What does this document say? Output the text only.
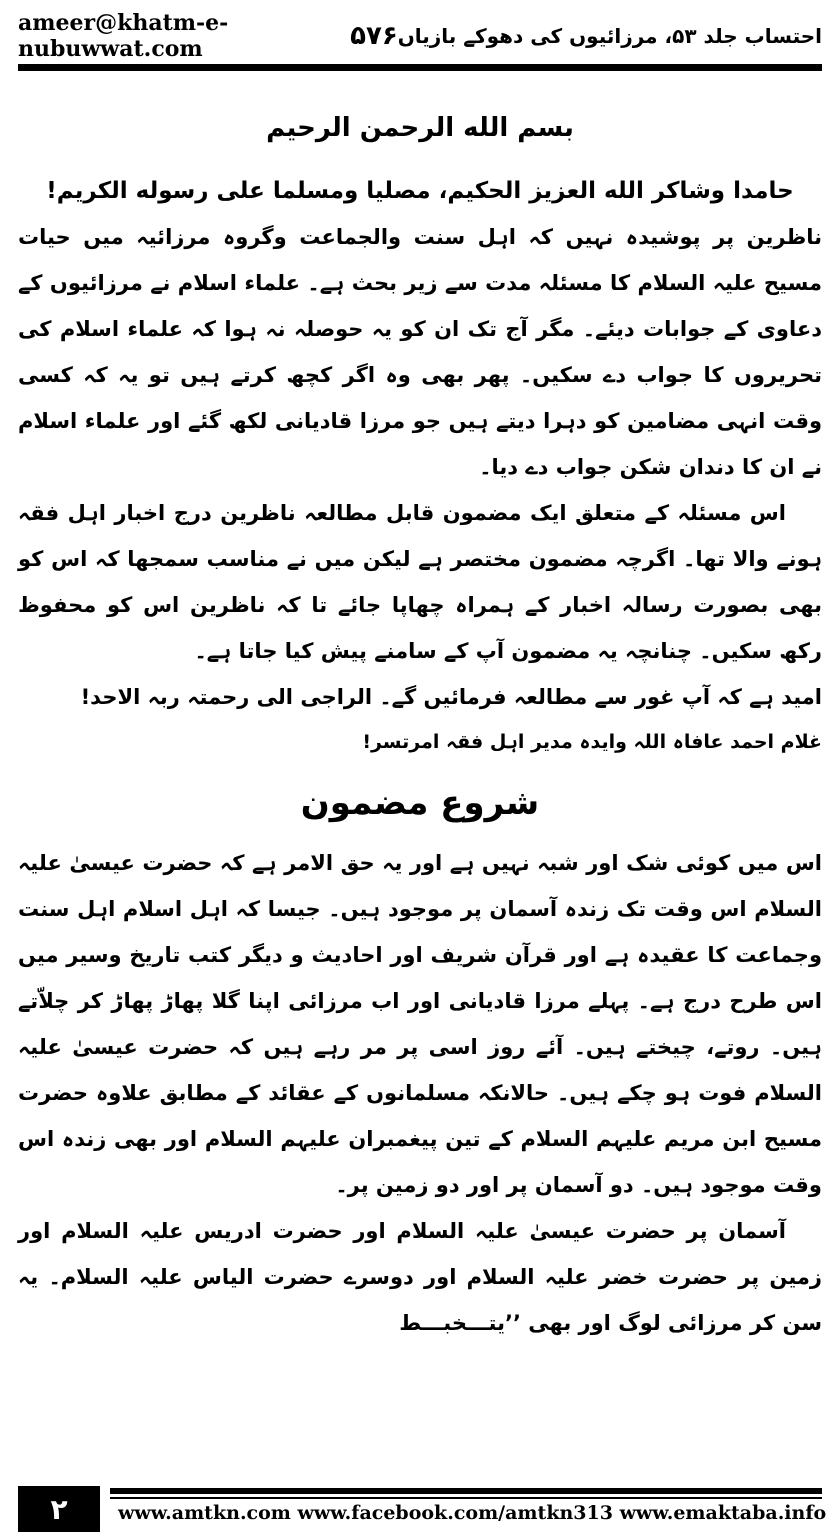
ameer@khatm-e-nubuwwat.com	۵۷۶ احتساب جلد ۵۳، مرزائیوں کی دھوکے بازیاں

بسم الله الرحمن الرحيم

حامدا وشاكر الله العزيز الحكيم، مصليا ومسلما على رسوله الكريم!

ناظرین پر پوشیدہ نہیں کہ اہل سنت والجماعت وگروہ مرزائیہ میں حیات مسیح علیہ السلام کا مسئلہ مدت سے زیر بحث ہے۔ علماء اسلام نے مرزائیوں کے دعاوی کے جوابات دیئے۔ مگر آج تک ان کو یہ حوصلہ نہ ہوا کہ علماء اسلام کی تحریروں کا جواب دے سکیں۔ پھر بھی وہ اگر کچھ کرتے ہیں تو یہ کہ کسی وقت انہی مضامین کو دہرا دیتے ہیں جو مرزا قادیانی لکھ گئے اور علماء اسلام نے ان کا دندان شکن جواب دے دیا۔

اس مسئلہ کے متعلق ایک مضمون قابل مطالعہ ناظرین درج اخبار اہل فقہ ہونے والا تھا۔ اگرچہ مضمون مختصر ہے لیکن میں نے مناسب سمجھا کہ اس کو بھی بصورت رسالہ اخبار کے ہمراہ چھاپا جائے تا کہ ناظرین اس کو محفوظ رکھ سکیں۔ چنانچہ یہ مضمون آپ کے سامنے پیش کیا جاتا ہے۔

امید ہے کہ آپ غور سے مطالعہ فرمائیں گے۔ الراجی الی رحمتہ ربہ الاحد!

غلام احمد عافاہ اللہ وایدہ مدیر اہل فقہ امرتسر!

شروع مضمون

اس میں کوئی شک اور شبہ نہیں ہے اور یہ حق الامر ہے کہ حضرت عیسیٰ علیہ السلام اس وقت تک زندہ آسمان پر موجود ہیں۔ جیسا کہ اہل اسلام اہل سنت وجماعت کا عقیدہ ہے اور قرآن شریف اور احادیث و دیگر کتب تاریخ وسیر میں اس طرح درج ہے۔ پہلے مرزا قادیانی اور اب مرزائی اپنا گلا پھاڑ پھاڑ کر چلاّتے ہیں۔ روتے، چیختے ہیں۔ آئے روز اسی پر مر رہے ہیں کہ حضرت عیسیٰ علیہ السلام فوت ہو چکے ہیں۔ حالانکہ مسلمانوں کے عقائد کے مطابق علاوہ حضرت مسیح ابن مریم علیہم السلام کے تین پیغمبران علیہم السلام اور بھی زندہ اس وقت موجود ہیں۔ دو آسمان پر اور دو زمین پر۔

آسمان پر حضرت عیسیٰ علیہ السلام اور حضرت ادریس علیہ السلام اور زمین پر حضرت خضر علیہ السلام اور دوسرے حضرت الیاس علیہ السلام۔ یہ سن کر مرزائی لوگ اور بھی ’’یتـــخبـــط

۲	www.amtkn.com www.facebook.com/amtkn313 www.emaktaba.info
